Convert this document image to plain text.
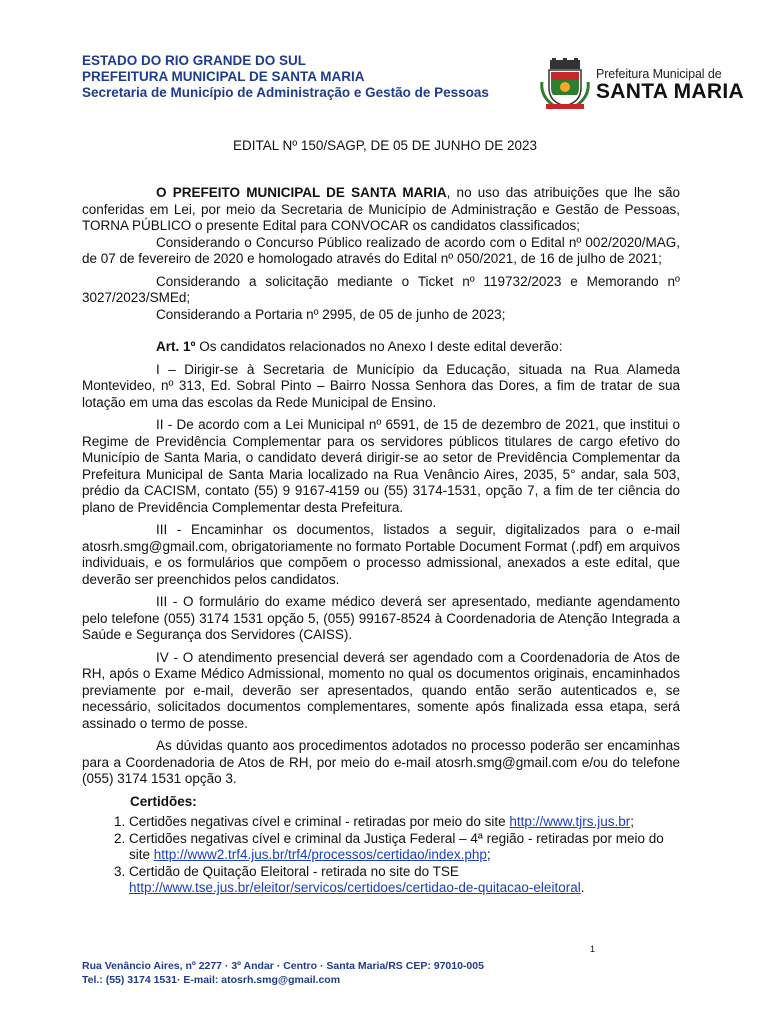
ESTADO DO RIO GRANDE DO SUL
PREFEITURA MUNICIPAL DE SANTA MARIA
Secretaria de Município de Administração e Gestão de Pessoas
Prefeitura Municipal de
SANTA MARIA
EDITAL Nº 150/SAGP, DE 05 DE JUNHO DE 2023

O PREFEITO MUNICIPAL DE SANTA MARIA, no uso das atribuições que lhe são conferidas em Lei, por meio da Secretaria de Município de Administração e Gestão de Pessoas, TORNA PÚBLICO o presente Edital para CONVOCAR os candidatos classificados;

Considerando o Concurso Público realizado de acordo com o Edital nº 002/2020/MAG, de 07 de fevereiro de 2020 e homologado através do Edital nº 050/2021, de 16 de julho de 2021;

Considerando a solicitação mediante o Ticket nº 119732/2023 e Memorando nº 3027/2023/SMEd;

Considerando a Portaria nº 2995, de 05 de junho de 2023;

Art. 1º Os candidatos relacionados no Anexo I deste edital deverão:

I – Dirigir-se à Secretaria de Município da Educação, situada na Rua Alameda Montevideo, nº 313, Ed. Sobral Pinto – Bairro Nossa Senhora das Dores, a fim de tratar de sua lotação em uma das escolas da Rede Municipal de Ensino.

II - De acordo com a Lei Municipal nº 6591, de 15 de dezembro de 2021, que institui o Regime de Previdência Complementar para os servidores públicos titulares de cargo efetivo do Município de Santa Maria, o candidato deverá dirigir-se ao setor de Previdência Complementar da Prefeitura Municipal de Santa Maria localizado na Rua Venâncio Aires, 2035, 5° andar, sala 503, prédio da CACISM, contato (55) 9 9167-4159 ou (55) 3174-1531, opção 7, a fim de ter ciência do plano de Previdência Complementar desta Prefeitura.

III - Encaminhar os documentos, listados a seguir, digitalizados para o e-mail atosrh.smg@gmail.com, obrigatoriamente no formato Portable Document Format (.pdf) em arquivos individuais, e os formulários que compõem o processo admissional, anexados a este edital, que deverão ser preenchidos pelos candidatos.

III - O formulário do exame médico deverá ser apresentado, mediante agendamento pelo telefone (055) 3174 1531 opção 5, (055) 99167-8524 à Coordenadoria de Atenção Integrada a Saúde e Segurança dos Servidores (CAISS).

IV - O atendimento presencial deverá ser agendado com a Coordenadoria de Atos de RH, após o Exame Médico Admissional, momento no qual os documentos originais, encaminhados previamente por e-mail, deverão ser apresentados, quando então serão autenticados e, se necessário, solicitados documentos complementares, somente após finalizada essa etapa, será assinado o termo de posse.

As dúvidas quanto aos procedimentos adotados no processo poderão ser encaminhas para a Coordenadoria de Atos de RH, por meio do e-mail atosrh.smg@gmail.com e/ou do telefone (055) 3174 1531 opção 3.

Certidões:

1. Certidões negativas cível e criminal - retiradas por meio do site http://www.tjrs.jus.br;
2. Certidões negativas cível e criminal da Justiça Federal – 4ª região - retiradas por meio do site http://www2.trf4.jus.br/trf4/processos/certidao/index.php;
3. Certidão de Quitação Eleitoral - retirada no site do TSE http://www.tse.jus.br/eleitor/servicos/certidoes/certidao-de-quitacao-eleitoral.
1
Rua Venâncio Aires, nº 2277 · 3º Andar · Centro · Santa Maria/RS CEP: 97010-005
Tel.: (55) 3174 1531· E-mail: atosrh.smg@gmail.com
